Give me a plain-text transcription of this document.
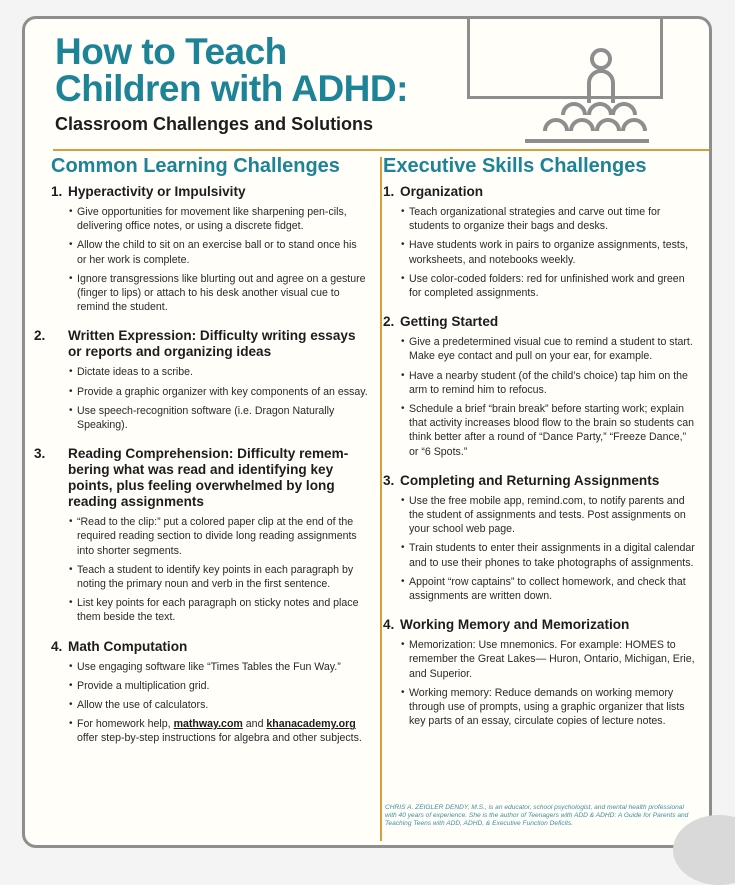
How to Teach
Children with ADHD:
Classroom Challenges and Solutions
Common Learning Challenges
1. Hyperactivity or Impulsivity
• Give opportunities for movement like sharpening pen-cils, delivering office notes, or using a discrete fidget.
• Allow the child to sit on an exercise ball or to stand once his or her work is complete.
• Ignore transgressions like blurting out and agree on a gesture (finger to lips) or attach to his desk another visual cue to remind the student.
2. Written Expression: Difficulty writing essays or reports and organizing ideas
• Dictate ideas to a scribe.
• Provide a graphic organizer with key components of an essay.
• Use speech-recognition software (i.e. Dragon Naturally Speaking).
3. Reading Comprehension: Difficulty remem-bering what was read and identifying key points, plus feeling overwhelmed by long reading assignments
• “Read to the clip:” put a colored paper clip at the end of the required reading section to divide long reading assignments into shorter segments.
• Teach a student to identify key points in each paragraph by noting the primary noun and verb in the first sentence.
• List key points for each paragraph on sticky notes and place them beside the text.
4. Math Computation
• Use engaging software like “Times Tables the Fun Way.”
• Provide a multiplication grid.
• Allow the use of calculators.
• For homework help, mathway.com and khanacademy.org offer step-by-step instructions for algebra and other subjects.
Executive Skills Challenges
1. Organization
• Teach organizational strategies and carve out time for students to organize their bags and desks.
• Have students work in pairs to organize assignments, tests, worksheets, and notebooks weekly.
• Use color-coded folders: red for unfinished work and green for completed assignments.
2. Getting Started
• Give a predetermined visual cue to remind a student to start. Make eye contact and pull on your ear, for example.
• Have a nearby student (of the child’s choice) tap him on the arm to remind him to refocus.
• Schedule a brief “brain break” before starting work; explain that activity increases blood flow to the brain so students can think better after a round of “Dance Party,” “Freeze Dance,” or “6 Spots.”
3. Completing and Returning Assignments
• Use the free mobile app, remind.com, to notify parents and the student of assignments and tests. Post assignments on your school web page.
• Train students to enter their assignments in a digital calendar and to use their phones to take photographs of assignments.
• Appoint “row captains” to collect homework, and check that assignments are written down.
4. Working Memory and Memorization
• Memorization: Use mnemonics. For example: HOMES to remember the Great Lakes— Huron, Ontario, Michigan, Erie, and Superior.
• Working memory: Reduce demands on working memory through use of prompts, using a graphic organizer that lists key parts of an essay, circulate copies of lecture notes.
CHRIS A. ZEIGLER DENDY, M.S., is an educator, school psychologist, and mental health professional with 40 years of experience. She is the author of Teenagers with ADD & ADHD: A Guide for Parents and Teaching Teens with ADD, ADHD, & Executive Function Deficits.
